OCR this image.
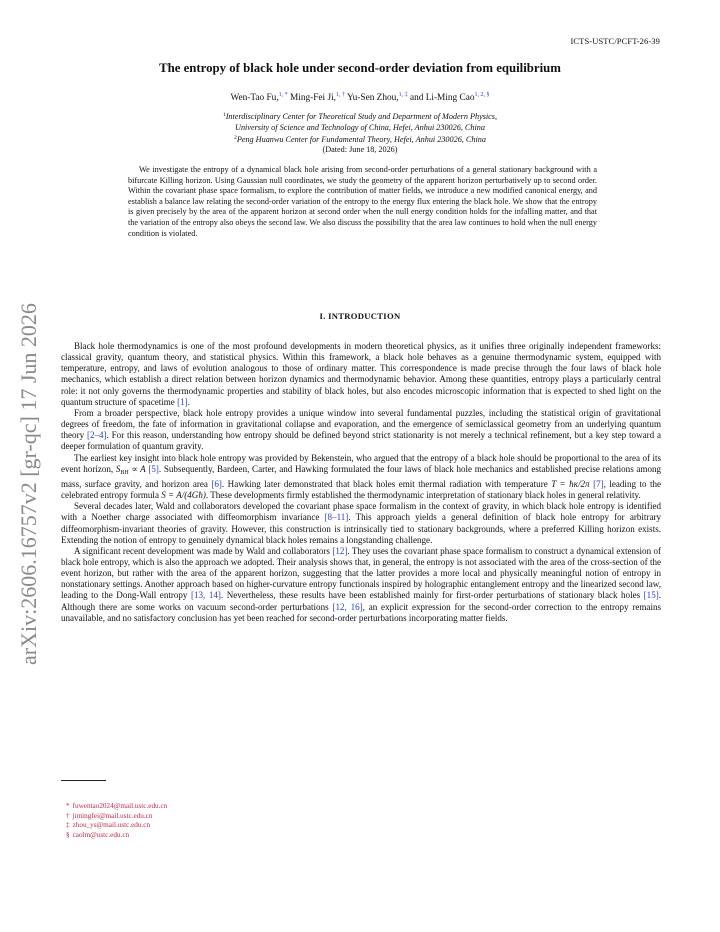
ICTS-USTC/PCFT-26-39
arXiv:2606.16757v2 [gr-qc] 17 Jun 2026
The entropy of black hole under second-order deviation from equilibrium
Wen-Tao Fu,$^{1, *}$ Ming-Fei Ji,$^{1, \dagger}$ Yu-Sen Zhou,$^{1, \ddagger}$ and Li-Ming Cao$^{1, 2, \S}$
$^1$Interdisciplinary Center for Theoretical Study and Department of Modern Physics,
University of Science and Technology of China, Hefei, Anhui 230026, China
$^2$Peng Huanwu Center for Fundamental Theory, Hefei, Anhui 230026, China
(Dated: June 18, 2026)

We investigate the entropy of a dynamical black hole arising from second-order perturbations of a general stationary background with a bifurcate Killing horizon. Using Gaussian null coordinates, we study the geometry of the apparent horizon perturbatively up to second order. Within the covariant phase space formalism, to explore the contribution of matter fields, we introduce a new modified canonical energy, and establish a balance law relating the second-order variation of the entropy to the energy flux entering the black hole. We show that the entropy is given precisely by the area of the apparent horizon at second order when the null energy condition holds for the infalling matter, and that the variation of the entropy also obeys the second law. We also discuss the possibility that the area law continues to hold when the null energy condition is violated.

I. INTRODUCTION

Black hole thermodynamics is one of the most profound developments in modern theoretical physics, as it unifies three originally independent frameworks: classical gravity, quantum theory, and statistical physics. Within this framework, a black hole behaves as a genuine thermodynamic system, equipped with temperature, entropy, and laws of evolution analogous to those of ordinary matter. This correspondence is made precise through the four laws of black hole mechanics, which establish a direct relation between horizon dynamics and thermodynamic behavior. Among these quantities, entropy plays a particularly central role: it not only governs the thermodynamic properties and stability of black holes, but also encodes microscopic information that is expected to shed light on the quantum structure of spacetime [1].

From a broader perspective, black hole entropy provides a unique window into several fundamental puzzles, including the statistical origin of gravitational degrees of freedom, the fate of information in gravitational collapse and evaporation, and the emergence of semiclassical geometry from an underlying quantum theory [2–4]. For this reason, understanding how entropy should be defined beyond strict stationarity is not merely a technical refinement, but a key step toward a deeper formulation of quantum gravity.

The earliest key insight into black hole entropy was provided by Bekenstein, who argued that the entropy of a black hole should be proportional to the area of its event horizon, $S_{BH} \propto A$ [5]. Subsequently, Bardeen, Carter, and Hawking formulated the four laws of black hole mechanics and established precise relations among mass, surface gravity, and horizon area [6]. Hawking later demonstrated that black holes emit thermal radiation with temperature T = ħκ/2π [7], leading to the celebrated entropy formula S = A/(4Għ). These developments firmly established the thermodynamic interpretation of stationary black holes in general relativity.

Several decades later, Wald and collaborators developed the covariant phase space formalism in the context of gravity, in which black hole entropy is identified with a Noether charge associated with diffeomorphism invariance [8–11]. This approach yields a general definition of black hole entropy for arbitrary diffeomorphism-invariant theories of gravity. However, this construction is intrinsically tied to stationary backgrounds, where a preferred Killing horizon exists. Extending the notion of entropy to genuinely dynamical black holes remains a longstanding challenge.

A significant recent development was made by Wald and collaborators [12]. They uses the covariant phase space formalism to construct a dynamical extension of black hole entropy, which is also the approach we adopted. Their analysis shows that, in general, the entropy is not associated with the area of the cross-section of the event horizon, but rather with the area of the apparent horizon, suggesting that the latter provides a more local and physically meaningful notion of entropy in nonstationary settings. Another approach based on higher-curvature entropy functionals inspired by holographic entanglement entropy and the linearized second law, leading to the Dong-Wall entropy [13, 14]. Nevertheless, these results have been established mainly for first-order perturbations of stationary black holes [15]. Although there are some works on vacuum second-order perturbations [12, 16], an explicit expression for the second-order correction to the entropy remains unavailable, and no satisfactory conclusion has yet been reached for second-order perturbations incorporating matter fields.

* fuwentao2024@mail.ustc.edu.cn
† jimingfei@mail.ustc.edu.cn
‡ zhou_ys@mail.ustc.edu.cn
§ caolm@ustc.edu.cn
